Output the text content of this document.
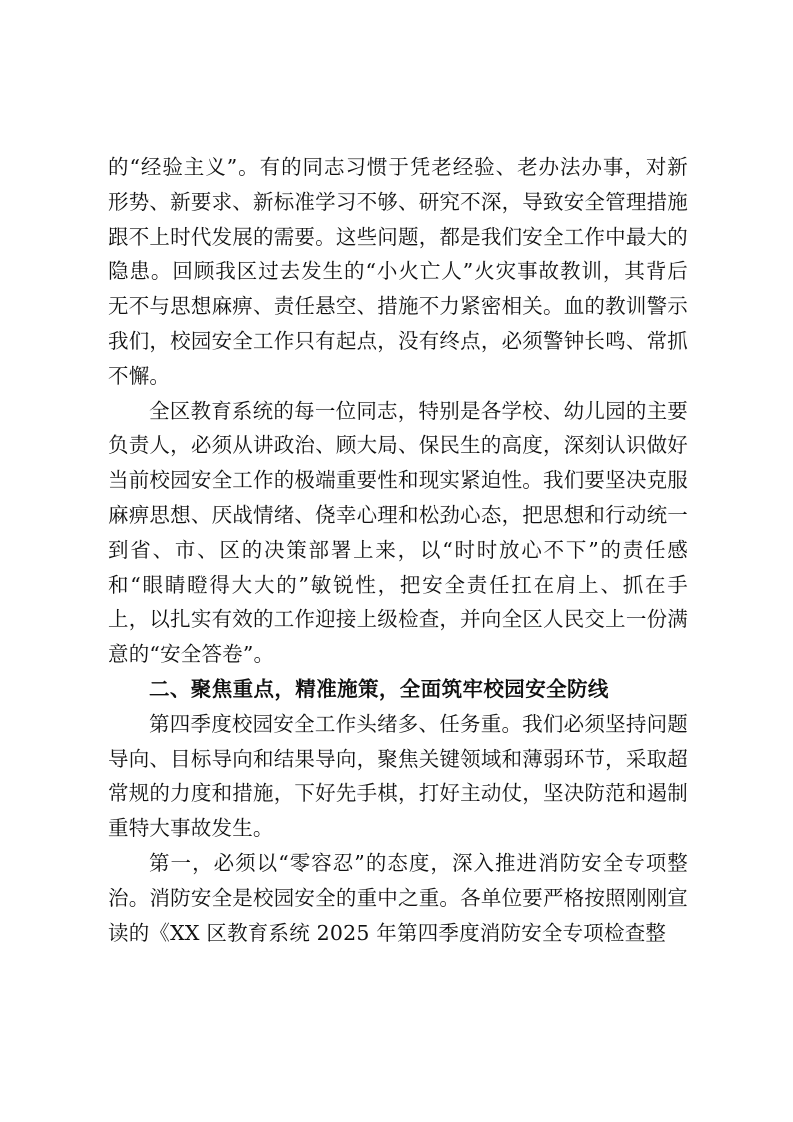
的“经验主义”。有的同志习惯于凭老经验、老办法办事，对新形势、新要求、新标准学习不够、研究不深，导致安全管理措施跟不上时代发展的需要。这些问题，都是我们安全工作中最大的隐患。回顾我区过去发生的“小火亡人”火灾事故教训，其背后无不与思想麻痹、责任悬空、措施不力紧密相关。血的教训警示我们，校园安全工作只有起点，没有终点，必须警钟长鸣、常抓不懈。

全区教育系统的每一位同志，特别是各学校、幼儿园的主要负责人，必须从讲政治、顾大局、保民生的高度，深刻认识做好当前校园安全工作的极端重要性和现实紧迫性。我们要坚决克服麻痹思想、厌战情绪、侥幸心理和松劲心态，把思想和行动统一到省、市、区的决策部署上来，以“时时放心不下”的责任感和“眼睛瞪得大大的”敏锐性，把安全责任扛在肩上、抓在手上，以扎实有效的工作迎接上级检查，并向全区人民交上一份满意的“安全答卷”。

二、聚焦重点，精准施策，全面筑牢校园安全防线

第四季度校园安全工作头绪多、任务重。我们必须坚持问题导向、目标导向和结果导向，聚焦关键领域和薄弱环节，采取超常规的力度和措施，下好先手棋，打好主动仗，坚决防范和遏制重特大事故发生。

第一，必须以“零容忍”的态度，深入推进消防安全专项整治。消防安全是校园安全的重中之重。各单位要严格按照刚刚宣读的《XX 区教育系统 2025 年第四季度消防安全专项检查整
